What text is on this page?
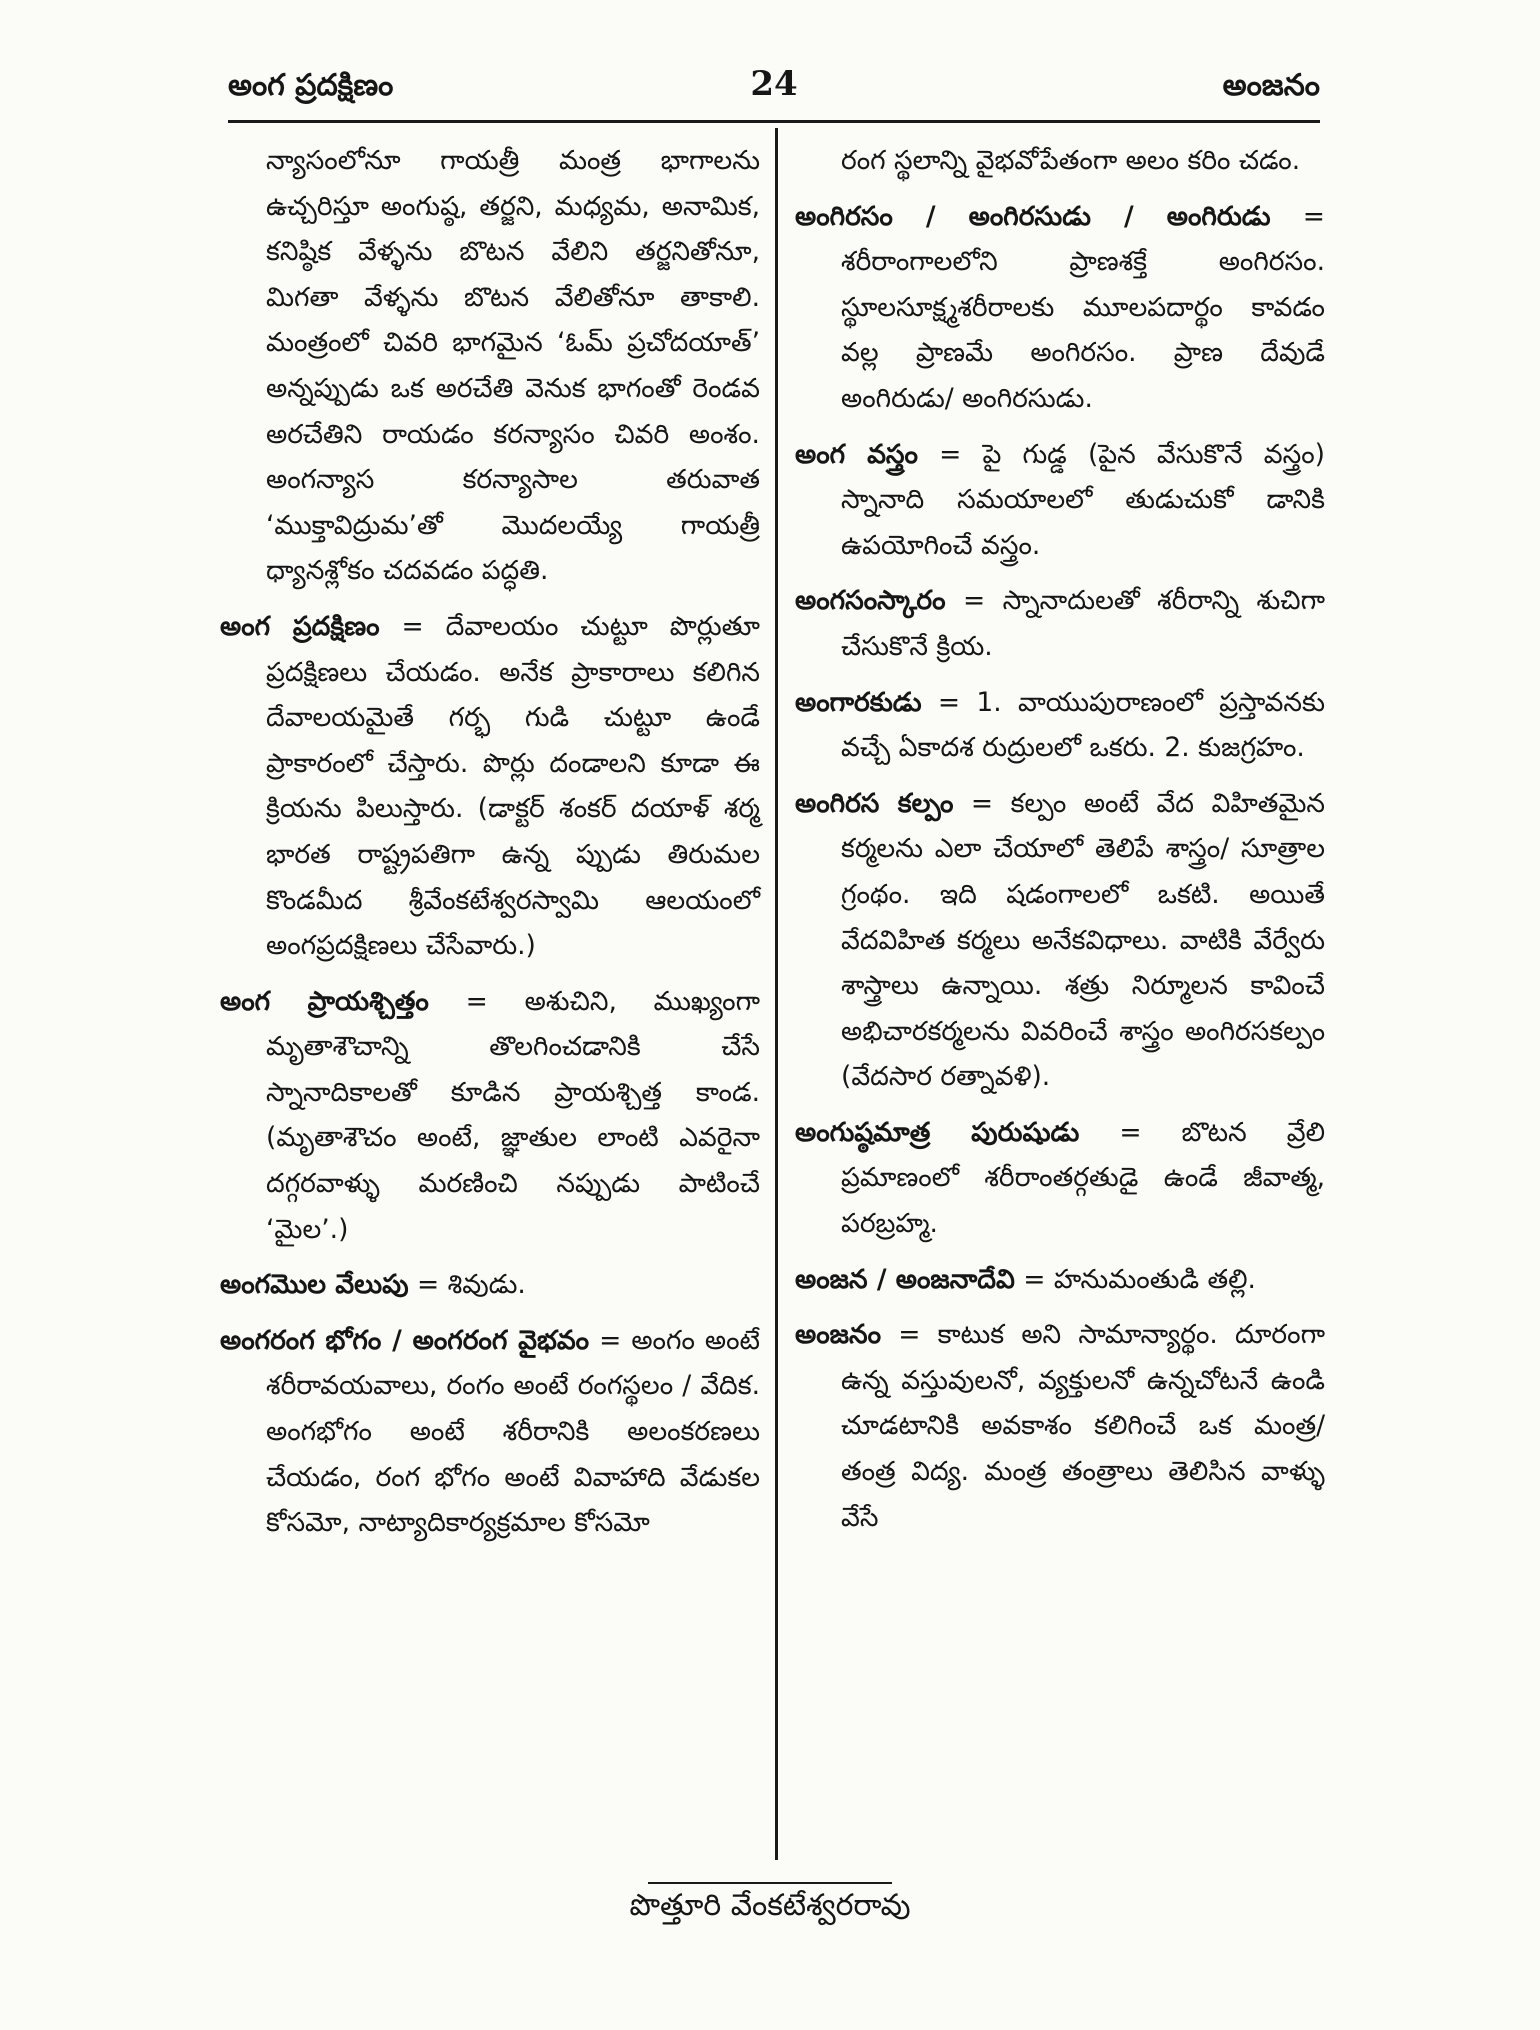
అంగ ప్రదక్షిణం	24	అంజనం
న్యాసంలోనూ గాయత్రీ మంత్ర భాగాలను ఉచ్చరిస్తూ అంగుష్ఠ, తర్జని, మధ్యమ, అనామిక, కనిష్ఠిక వేళ్ళను బొటన వేలిని తర్జనితోనూ, మిగతా వేళ్ళను బొటన వేలితోనూ తాకాలి. మంత్రంలో చివరి భాగమైన ‘ఓమ్ ప్రచోదయాత్’ అన్నప్పుడు ఒక అరచేతి వెనుక భాగంతో రెండవ అరచేతిని రాయడం కరన్యాసం చివరి అంశం. అంగన్యాస కరన్యాసాల తరువాత ‘ముక్తావిద్రుమ’తో మొదలయ్యే గాయత్రీ ధ్యానశ్లోకం చదవడం పద్ధతి.
అంగ ప్రదక్షిణం = దేవాలయం చుట్టూ పొర్లుతూ ప్రదక్షిణలు చేయడం. అనేక ప్రాకారాలు కలిగిన దేవాలయమైతే గర్భ గుడి చుట్టూ ఉండే ప్రాకారంలో చేస్తారు. పొర్లు దండాలని కూడా ఈ క్రియను పిలుస్తారు. (డాక్టర్ శంకర్ దయాళ్ శర్మ భారత రాష్ట్రపతిగా ఉన్న ప్పుడు తిరుమల కొండమీద శ్రీవేంకటేశ్వరస్వామి ఆలయంలో అంగప్రదక్షిణలు చేసేవారు.)
అంగ ప్రాయశ్చిత్తం = అశుచిని, ముఖ్యంగా మృతాశౌచాన్ని తొలగించడానికి చేసే స్నానాదికాలతో కూడిన ప్రాయశ్చిత్త కాండ. (మృతాశౌచం అంటే, జ్ఞాతుల లాంటి ఎవరైనా దగ్గరవాళ్ళు మరణించి నప్పుడు పాటించే ‘మైల’.)
అంగమొల వేలుపు = శివుడు.
అంగరంగ భోగం / అంగరంగ వైభవం = అంగం అంటే శరీరావయవాలు, రంగం అంటే రంగస్థలం / వేదిక. అంగభోగం అంటే శరీరానికి అలంకరణలు చేయడం, రంగ భోగం అంటే వివాహాది వేడుకల కోసమో, నాట్యాదికార్యక్రమాల కోసమో
రంగ స్థలాన్ని వైభవోపేతంగా అలం కరిం చడం.
అంగిరసం / అంగిరసుడు / అంగిరుడు = శరీరాంగాలలోని ప్రాణశక్తే అంగిరసం. స్థూలసూక్ష్మశరీరాలకు మూలపదార్థం కావడం వల్ల ప్రాణమే అంగిరసం. ప్రాణ దేవుడే అంగిరుడు/ అంగిరసుడు.
అంగ వస్త్రం = పై గుడ్డ (పైన వేసుకొనే వస్త్రం) స్నానాది సమయాలలో తుడుచుకో డానికి ఉపయోగించే వస్త్రం.
అంగసంస్కారం = స్నానాదులతో శరీరాన్ని శుచిగా చేసుకొనే క్రియ.
అంగారకుడు = 1. వాయుపురాణంలో ప్రస్తావనకు వచ్చే ఏకాదశ రుద్రులలో ఒకరు. 2. కుజగ్రహం.
అంగిరస కల్పం = కల్పం అంటే వేద విహితమైన కర్మలను ఎలా చేయాలో తెలిపే శాస్త్రం/ సూత్రాల గ్రంథం. ఇది షడంగాలలో ఒకటి. అయితే వేదవిహిత కర్మలు అనేకవిధాలు. వాటికి వేర్వేరు శాస్త్రాలు ఉన్నాయి. శత్రు నిర్మూలన కావించే అభిచారకర్మలను వివరించే శాస్త్రం అంగిరసకల్పం (వేదసార రత్నావళి).
అంగుష్ఠమాత్ర పురుషుడు = బొటన వ్రేలి ప్రమాణంలో శరీరాంతర్గతుడై ఉండే జీవాత్మ, పరబ్రహ్మ.
అంజన / అంజనాదేవి = హనుమంతుడి తల్లి.
అంజనం = కాటుక అని సామాన్యార్థం. దూరంగా ఉన్న వస్తువులనో, వ్యక్తులనో ఉన్నచోటనే ఉండి చూడటానికి అవకాశం కలిగించే ఒక మంత్ర/ తంత్ర విద్య. మంత్ర తంత్రాలు తెలిసిన వాళ్ళు వేసే
పొత్తూరి వేంకటేశ్వరరావు
